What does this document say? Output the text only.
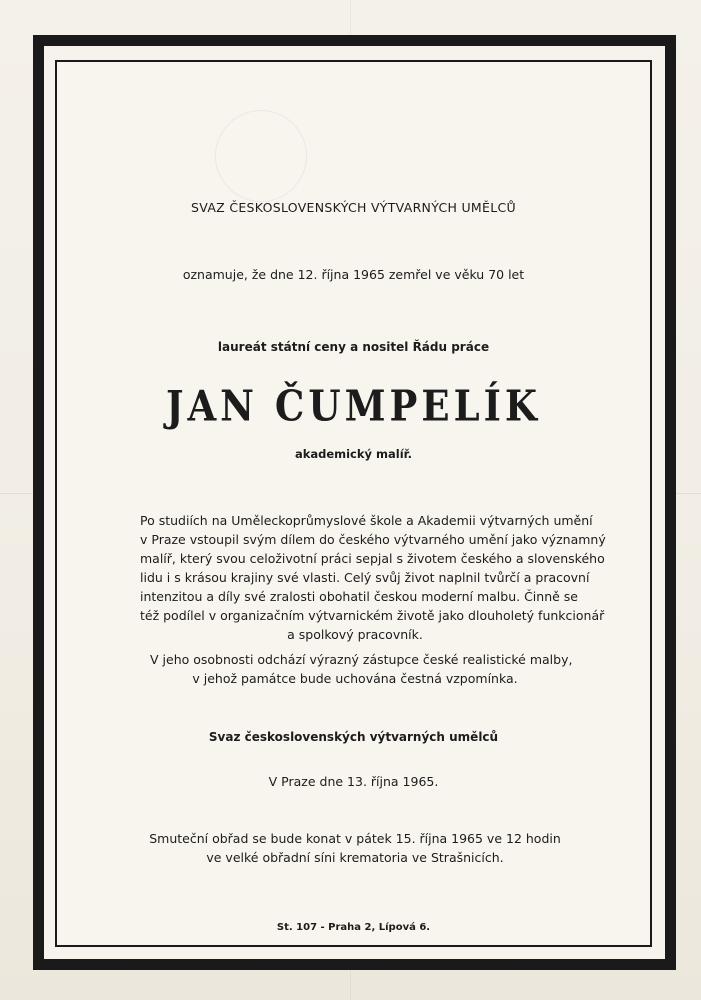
SVAZ ČESKOSLOVENSKÝCH VÝTVARNÝCH UMĚLCŮ
oznamuje, že dne 12. října 1965 zemřel ve věku 70 let
laureát státní ceny a nositel Řádu práce
JAN ČUMPELÍK
akademický malíř.
Po studiích na Uměleckoprůmyslové škole a Akademii výtvarných umění
v Praze vstoupil svým dílem do českého výtvarného umění jako významný
malíř, který svou celoživotní práci sepjal s životem českého a slovenského
lidu i s krásou krajiny své vlasti. Celý svůj život naplnil tvůrčí a pracovní
intenzitou a díly své zralosti obohatil českou moderní malbu. Činně se
též podílel v organizačním výtvarnickém životě jako dlouholetý funkcionář
a spolkový pracovník.
V jeho osobnosti odchází výrazný zástupce české realistické malby,
v jehož památce bude uchována čestná vzpomínka.
Svaz československých výtvarných umělců
V Praze dne 13. října 1965.
Smuteční obřad se bude konat v pátek 15. října 1965 ve 12 hodin
ve velké obřadní síni krematoria ve Strašnicích.
St. 107 - Praha 2, Lípová 6.
